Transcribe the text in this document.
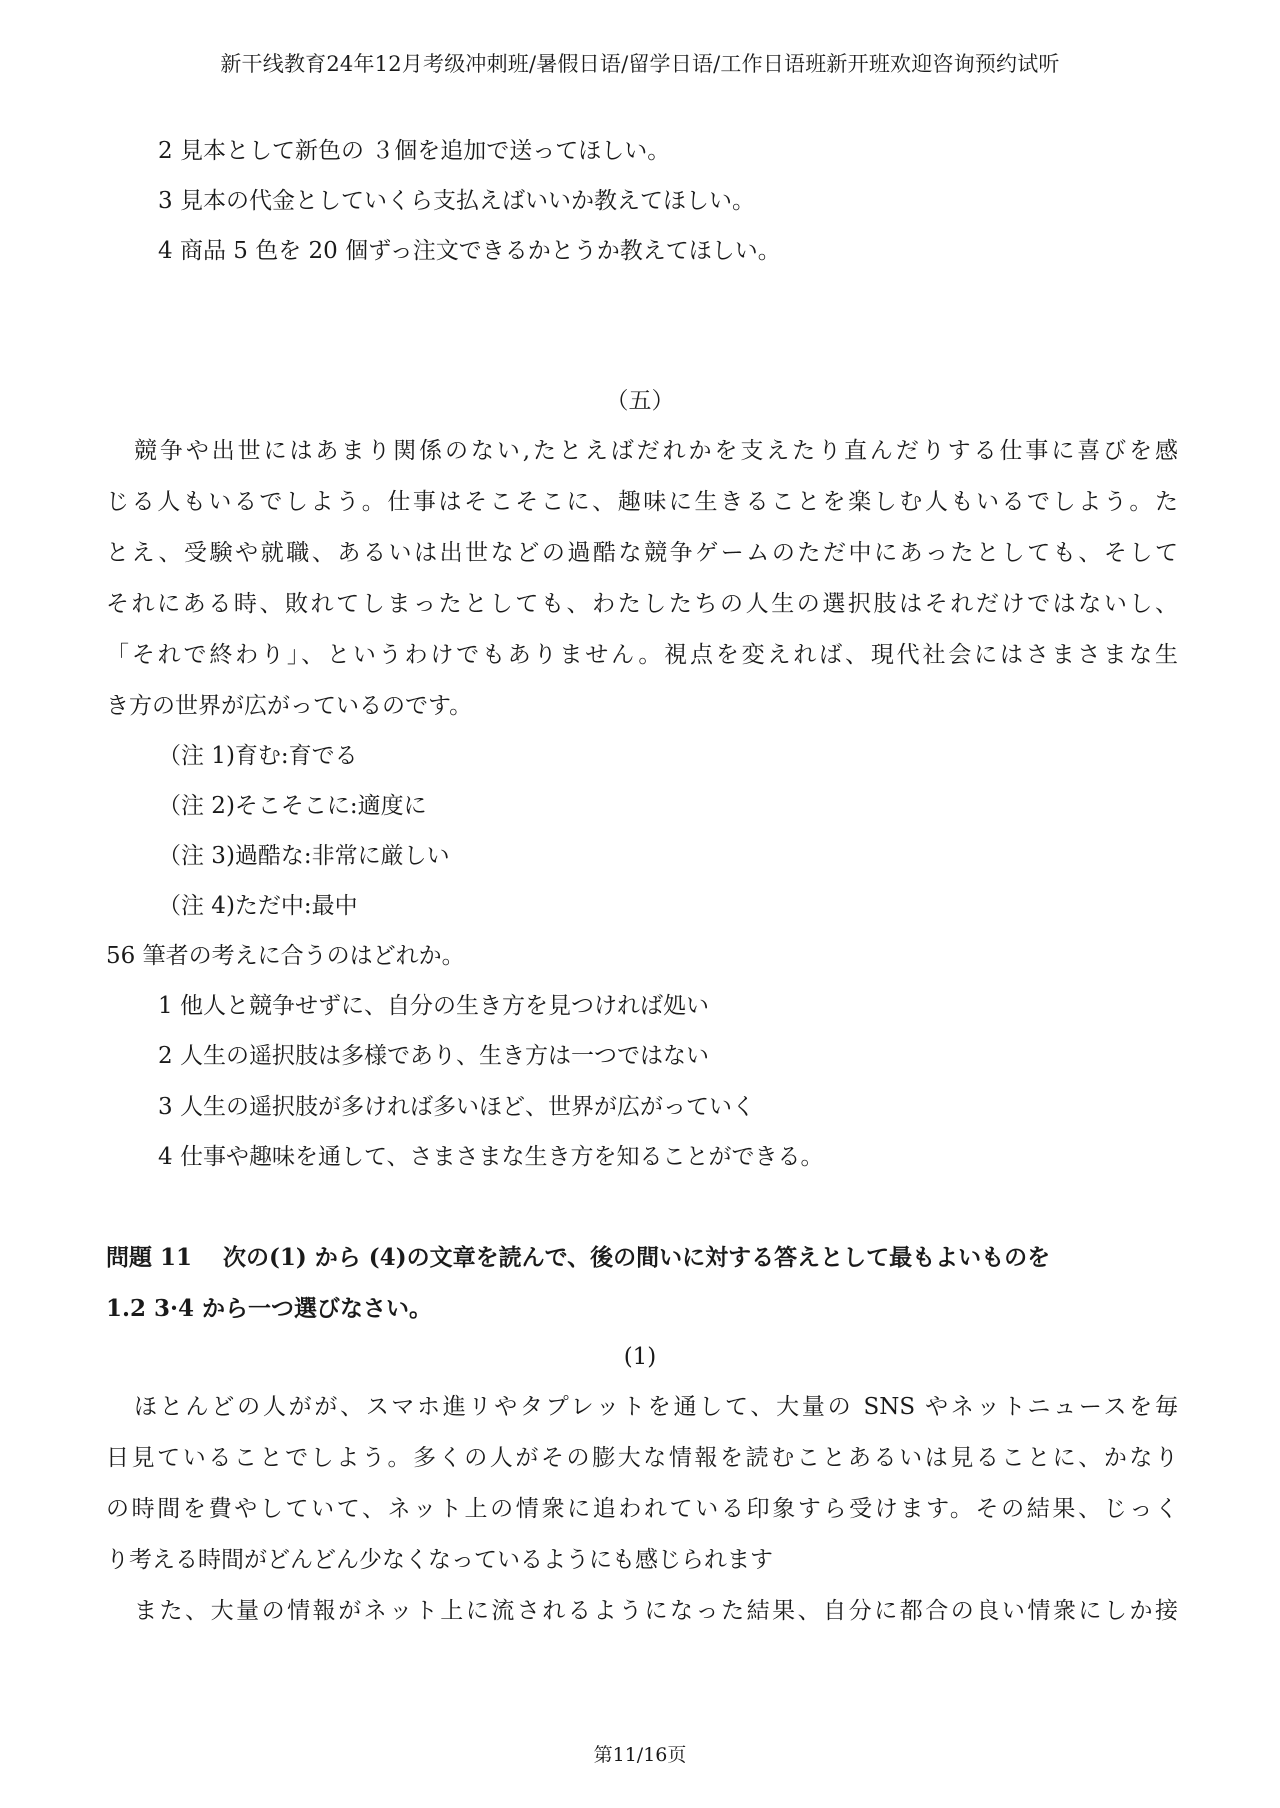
新干线教育24年12月考级冲刺班/暑假日语/留学日语/工作日语班新开班欢迎咨询预约试听
2 見本として新色の ３個を追加で送ってほしい。
3 見本の代金としていくら支払えばいいか教えてほしい。
4 商品 5 色を 20 個ずっ注文できるかとうか教えてほしい。
（五）
競争や出世にはあまり関係のない,たとえばだれかを支えたり直んだりする仕事に喜びを感
じる人もいるでしよう。仕事はそこそこに、趣味に生きることを楽しむ人もいるでしよう。た
とえ、受験や就職、あるいは出世などの過酷な競争ゲームのただ中にあったとしても、そして
それにある時、敗れてしまったとしても、わたしたちの人生の選択肢はそれだけではないし、
「それで終わり」、というわけでもありません。視点を変えれば、現代社会にはさまさまな生
き方の世界が広がっているのです。
（注 1)育む:育でる
（注 2)そこそこに:適度に
（注 3)過酷な:非常に厳しい
（注 4)ただ中:最中
56 筆者の考えに合うのはどれか。
1 他人と競争せずに、自分の生き方を見つければ処い
2 人生の遥択肢は多様であり、生き方は一つではない
3 人生の遥択肢が多ければ多いほど、世界が広がっていく
4 仕事や趣味を通して、さまさまな生き方を知ることができる。
問題 11　 次の(1) から (4)の文章を読んで、後の間いに対する答えとして最もよいものを
1.2 3·4 から一つ選びなさい。
(1)
ほとんどの人がが、スマホ進リやタプレットを通して、大量の SNS やネットニュースを毎
日見ていることでしよう。多くの人がその膨大な情報を読むことあるいは見ることに、かなり
の時間を費やしていて、ネット上の情衆に追われている印象すら受けます。その結果、じっく
り考える時間がどんどん少なくなっているようにも感じられます
また、大量の情報がネット上に流されるようになった結果、自分に都合の良い情衆にしか接
第11/16页
